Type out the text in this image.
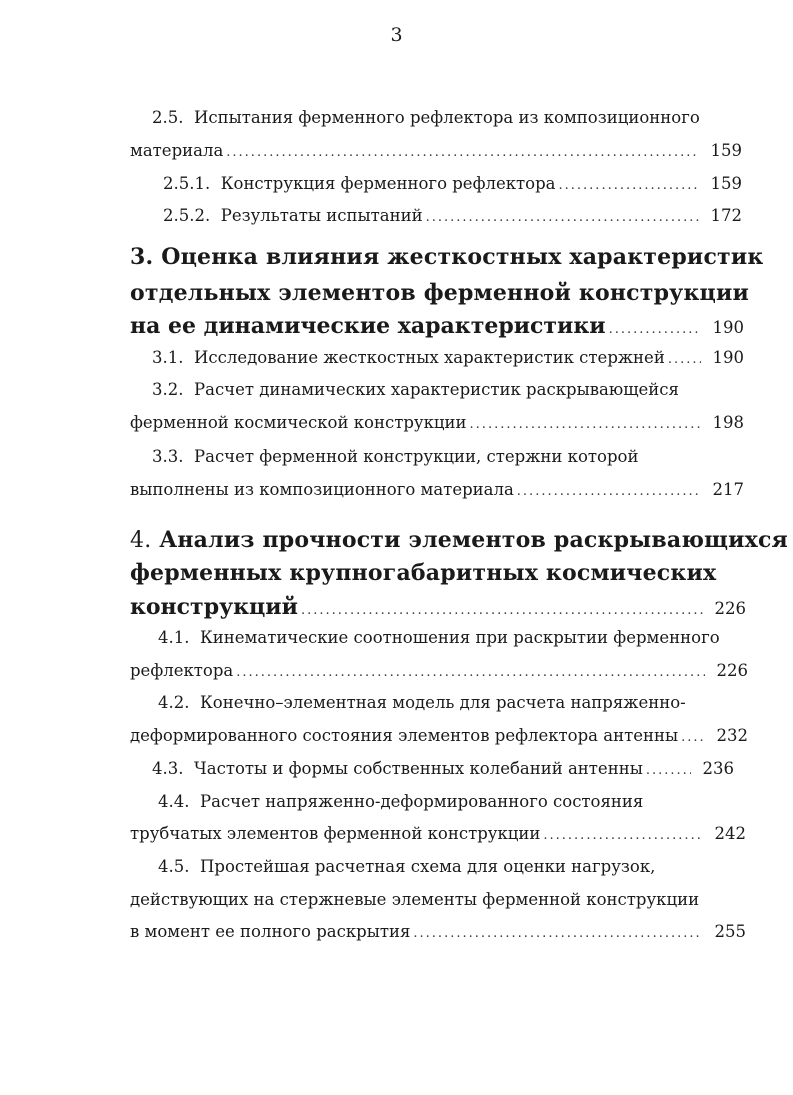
3
2.5. Испытания ферменного рефлектора из композиционного
материала .....	159
2.5.1.
Конструкция ферменного рефлектора .....	159
2.5.2.
Результаты испытаний .....	172
3. Оценка влияния жесткостных характеристик
отдельных элементов ферменной конструкции
на ее динамические характеристики .....	190
3.1.
Исследование жесткостных характеристик стержней .....	190
3.2. Расчет динамических характеристик раскрывающейся
ферменной космической конструкции .....	198
3.3. Расчет ферменной конструкции, стержни которой
выполнены из композиционного материала .....	217
4. Анализ прочности элементов раскрывающихся
ферменных крупногабаритных космических
конструкций .....	226
4.1. Кинематические соотношения при раскрытии ферменного
рефлектора .....	226
4.2. Конечно–элементная модель для расчета напряженно-
деформированного состояния элементов рефлектора антенны ..... 232
4.3.
Частоты и формы собственных колебаний антенны .....	236
4.4. Расчет напряженно-деформированного состояния
трубчатых элементов ферменной конструкции .....	242
4.5. Простейшая расчетная схема для оценки нагрузок,
действующих на стержневые элементы ферменной конструкции
в момент ее полного раскрытия .....	255
